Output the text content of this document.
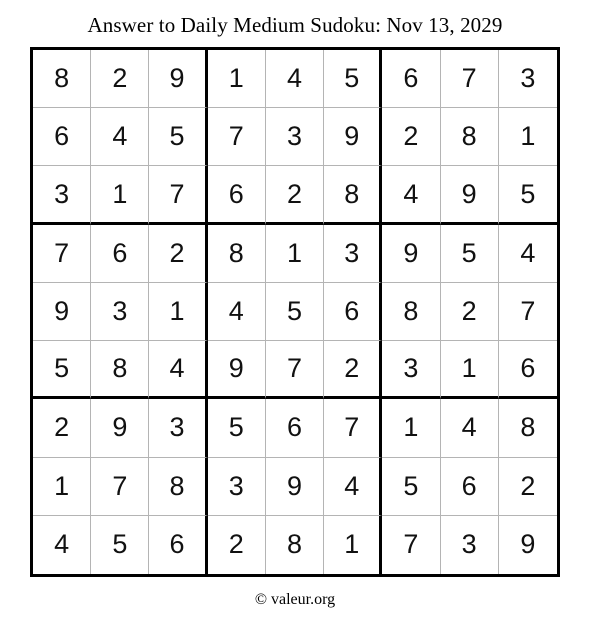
Answer to Daily Medium Sudoku: Nov 13, 2029
8	2	9	1	4	5	6	7	3
6	4	5	7	3	9	2	8	1
3	1	7	6	2	8	4	9	5
7	6	2	8	1	3	9	5	4
9	3	1	4	5	6	8	2	7
5	8	4	9	7	2	3	1	6
2	9	3	5	6	7	1	4	8
1	7	8	3	9	4	5	6	2
4	5	6	2	8	1	7	3	9
© valeur.org
